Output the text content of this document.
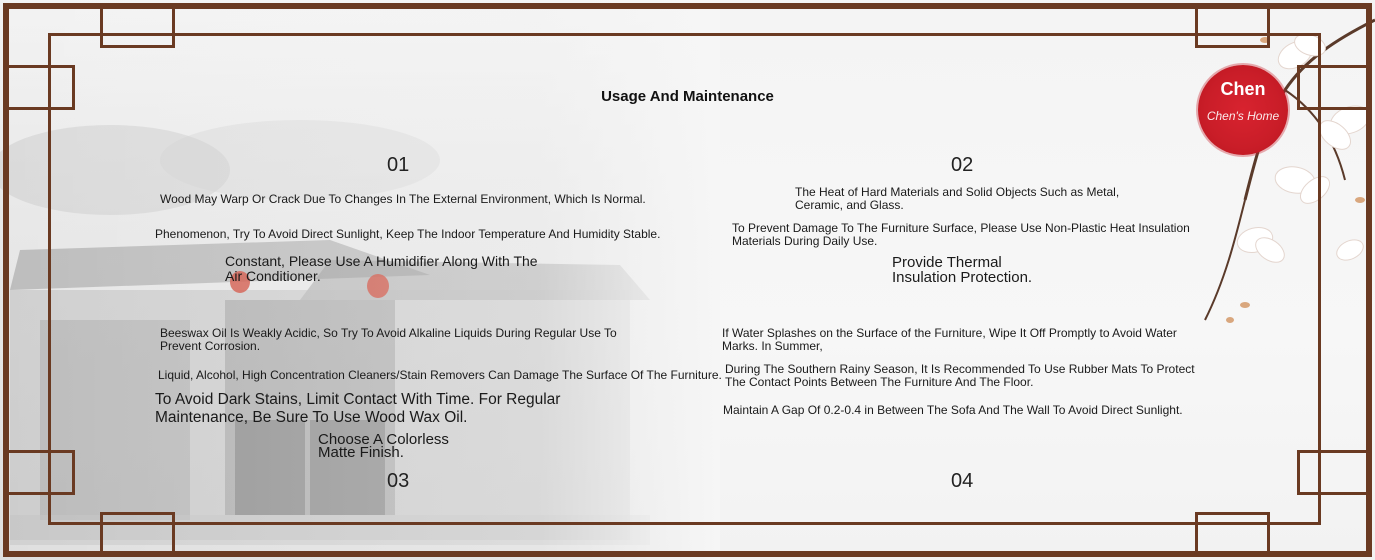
Chen
Chen's Home
Usage And Maintenance
01
Wood May Warp Or Crack Due To Changes In The External Environment, Which Is Normal.
Phenomenon, Try To Avoid Direct Sunlight, Keep The Indoor Temperature And Humidity Stable.
Constant, Please Use A Humidifier Along With The
Air Conditioner.
02
The Heat of Hard Materials and Solid Objects Such as Metal,
Ceramic, and Glass.
To Prevent Damage To The Furniture Surface, Please Use Non-Plastic Heat Insulation
Materials During Daily Use.
Provide Thermal
Insulation Protection.
Beeswax Oil Is Weakly Acidic, So Try To Avoid Alkaline Liquids During Regular Use To
Prevent Corrosion.
Liquid, Alcohol, High Concentration Cleaners/Stain Removers Can Damage The Surface Of The Furniture.
To Avoid Dark Stains, Limit Contact With Time. For Regular
Maintenance, Be Sure To Use Wood Wax Oil.
Choose A Colorless
Matte Finish.
03
If Water Splashes on the Surface of the Furniture, Wipe It Off Promptly to Avoid Water
Marks. In Summer,
During The Southern Rainy Season, It Is Recommended To Use Rubber Mats To Protect
The Contact Points Between The Furniture And The Floor.
Maintain A Gap Of 0.2-0.4 in Between The Sofa And The Wall To Avoid Direct Sunlight.
04
